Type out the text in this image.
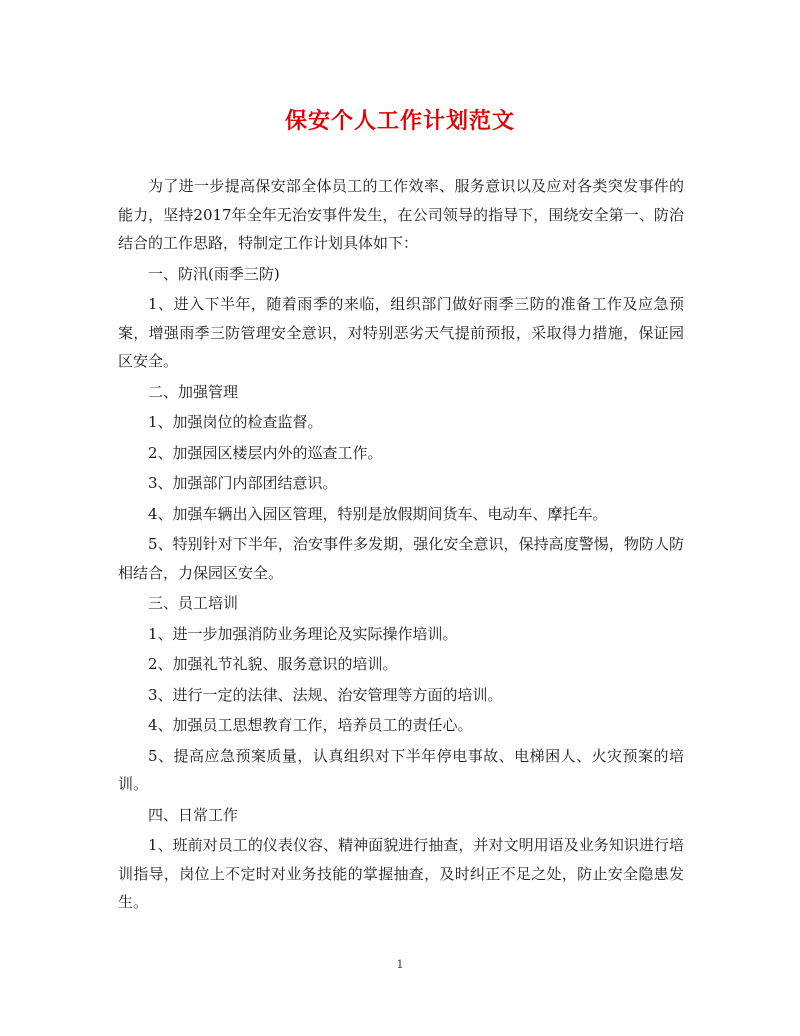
保安个人工作计划范文

为了进一步提高保安部全体员工的工作效率、服务意识以及应对各类突发事件的能力，坚持2017年全年无治安事件发生，在公司领导的指导下，围绕安全第一、防治结合的工作思路，特制定工作计划具体如下：

一、防汛(雨季三防)

1、进入下半年，随着雨季的来临，组织部门做好雨季三防的准备工作及应急预案，增强雨季三防管理安全意识，对特别恶劣天气提前预报，采取得力措施，保证园区安全。

二、加强管理

1、加强岗位的检查监督。

2、加强园区楼层内外的巡查工作。

3、加强部门内部团结意识。

4、加强车辆出入园区管理，特别是放假期间货车、电动车、摩托车。

5、特别针对下半年，治安事件多发期，强化安全意识，保持高度警惕，物防人防相结合，力保园区安全。

三、员工培训

1、进一步加强消防业务理论及实际操作培训。

2、加强礼节礼貌、服务意识的培训。

3、进行一定的法律、法规、治安管理等方面的培训。

4、加强员工思想教育工作，培养员工的责任心。

5、提高应急预案质量，认真组织对下半年停电事故、电梯困人、火灾预案的培训。

四、日常工作

1、班前对员工的仪表仪容、精神面貌进行抽查，并对文明用语及业务知识进行培训指导，岗位上不定时对业务技能的掌握抽查，及时纠正不足之处，防止安全隐患发生。

1
